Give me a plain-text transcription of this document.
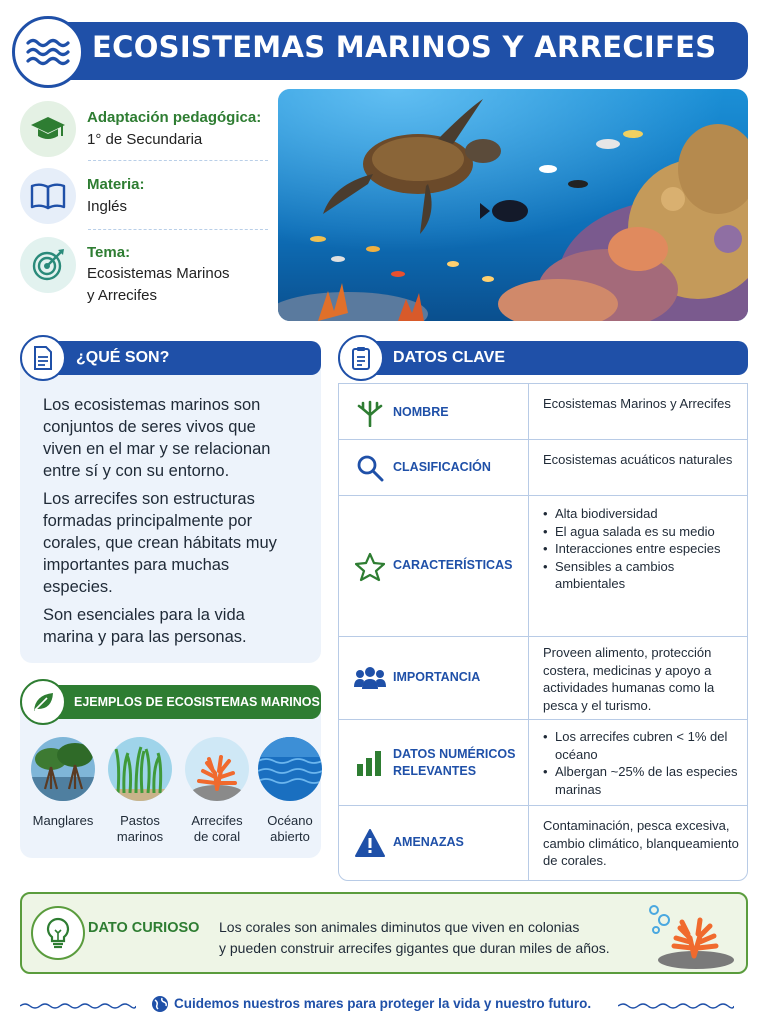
ECOSISTEMAS MARINOS Y ARRECIFES
Adaptación pedagógica:
1° de Secundaria
Materia:
Inglés
Tema:
Ecosistemas Marinos
y Arrecifes
¿QUÉ SON?
Los ecosistemas marinos son conjuntos de seres vivos que viven en el mar y se relacionan entre sí y con su entorno.
Los arrecifes son estructuras formadas principalmente por corales, que crean hábitats muy importantes para muchas especies.
Son esenciales para la vida marina y para las personas.
EJEMPLOS DE ECOSISTEMAS MARINOS
Manglares	Pastos
marinos
Arrecifes
de coral
Océano
abierto
DATOS CLAVE
NOMBRE
Ecosistemas Marinos y Arrecifes
CLASIFICACIÓN	Ecosistemas acuáticos naturales
CARACTERÍSTICAS
• Alta biodiversidad
• El agua salada es su medio
• Interacciones entre especies
• Sensibles a cambios ambientales
IMPORTANCIA
Proveen alimento, protección costera, medicinas y apoyo a actividades humanas como la pesca y el turismo.
DATOS NUMÉRICOS
RELEVANTES
• Los arrecifes cubren < 1% del océano
• Albergan ~25% de las especies marinas
AMENAZAS
Contaminación, pesca excesiva, cambio climático, blanqueamiento de corales.
DATO CURIOSO Los corales son animales diminutos que viven en colonias
y pueden construir arrecifes gigantes que duran miles de años.
Cuidemos nuestros mares para proteger la vida y nuestro futuro.
